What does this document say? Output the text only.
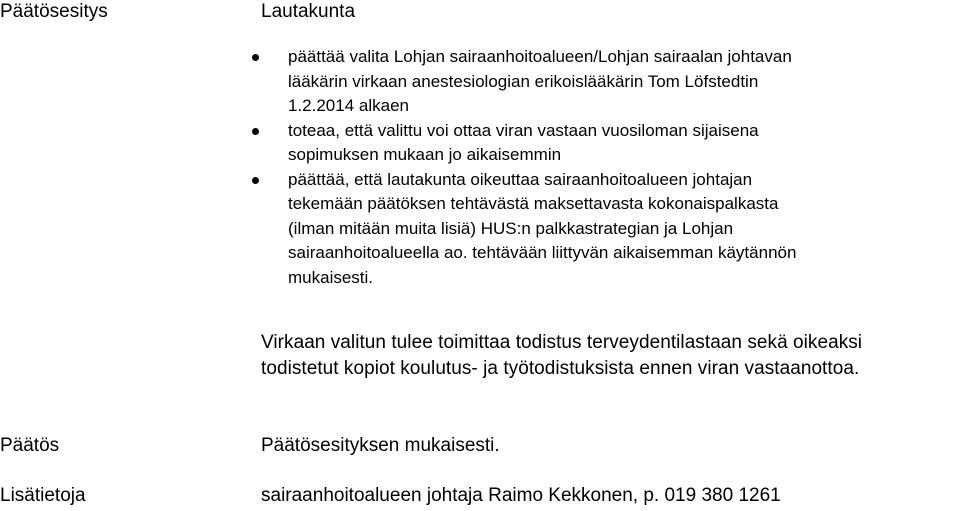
Päätösesitys	Lautakunta
päättää valita Lohjan sairaanhoitoalueen/Lohjan sairaalan johtavan
lääkärin virkaan anestesiologian erikoislääkärin Tom Löfstedtin
1.2.2014 alkaen
toteaa, että valittu voi ottaa viran vastaan vuosiloman sijaisena
sopimuksen mukaan jo aikaisemmin
päättää, että lautakunta oikeuttaa sairaanhoitoalueen johtajan
tekemään päätöksen tehtävästä maksettavasta kokonaispalkasta
(ilman mitään muita lisiä) HUS:n palkkastrategian ja Lohjan
sairaanhoitoalueella ao. tehtävään liittyvän aikaisemman käytännön
mukaisesti.
Virkaan valitun tulee toimittaa todistus terveydentilastaan sekä oikeaksi
todistetut kopiot koulutus- ja työtodistuksista ennen viran vastaanottoa.
Päätös	Päätösesityksen mukaisesti.
Lisätietoja	sairaanhoitoalueen johtaja Raimo Kekkonen, p. 019 380 1261
